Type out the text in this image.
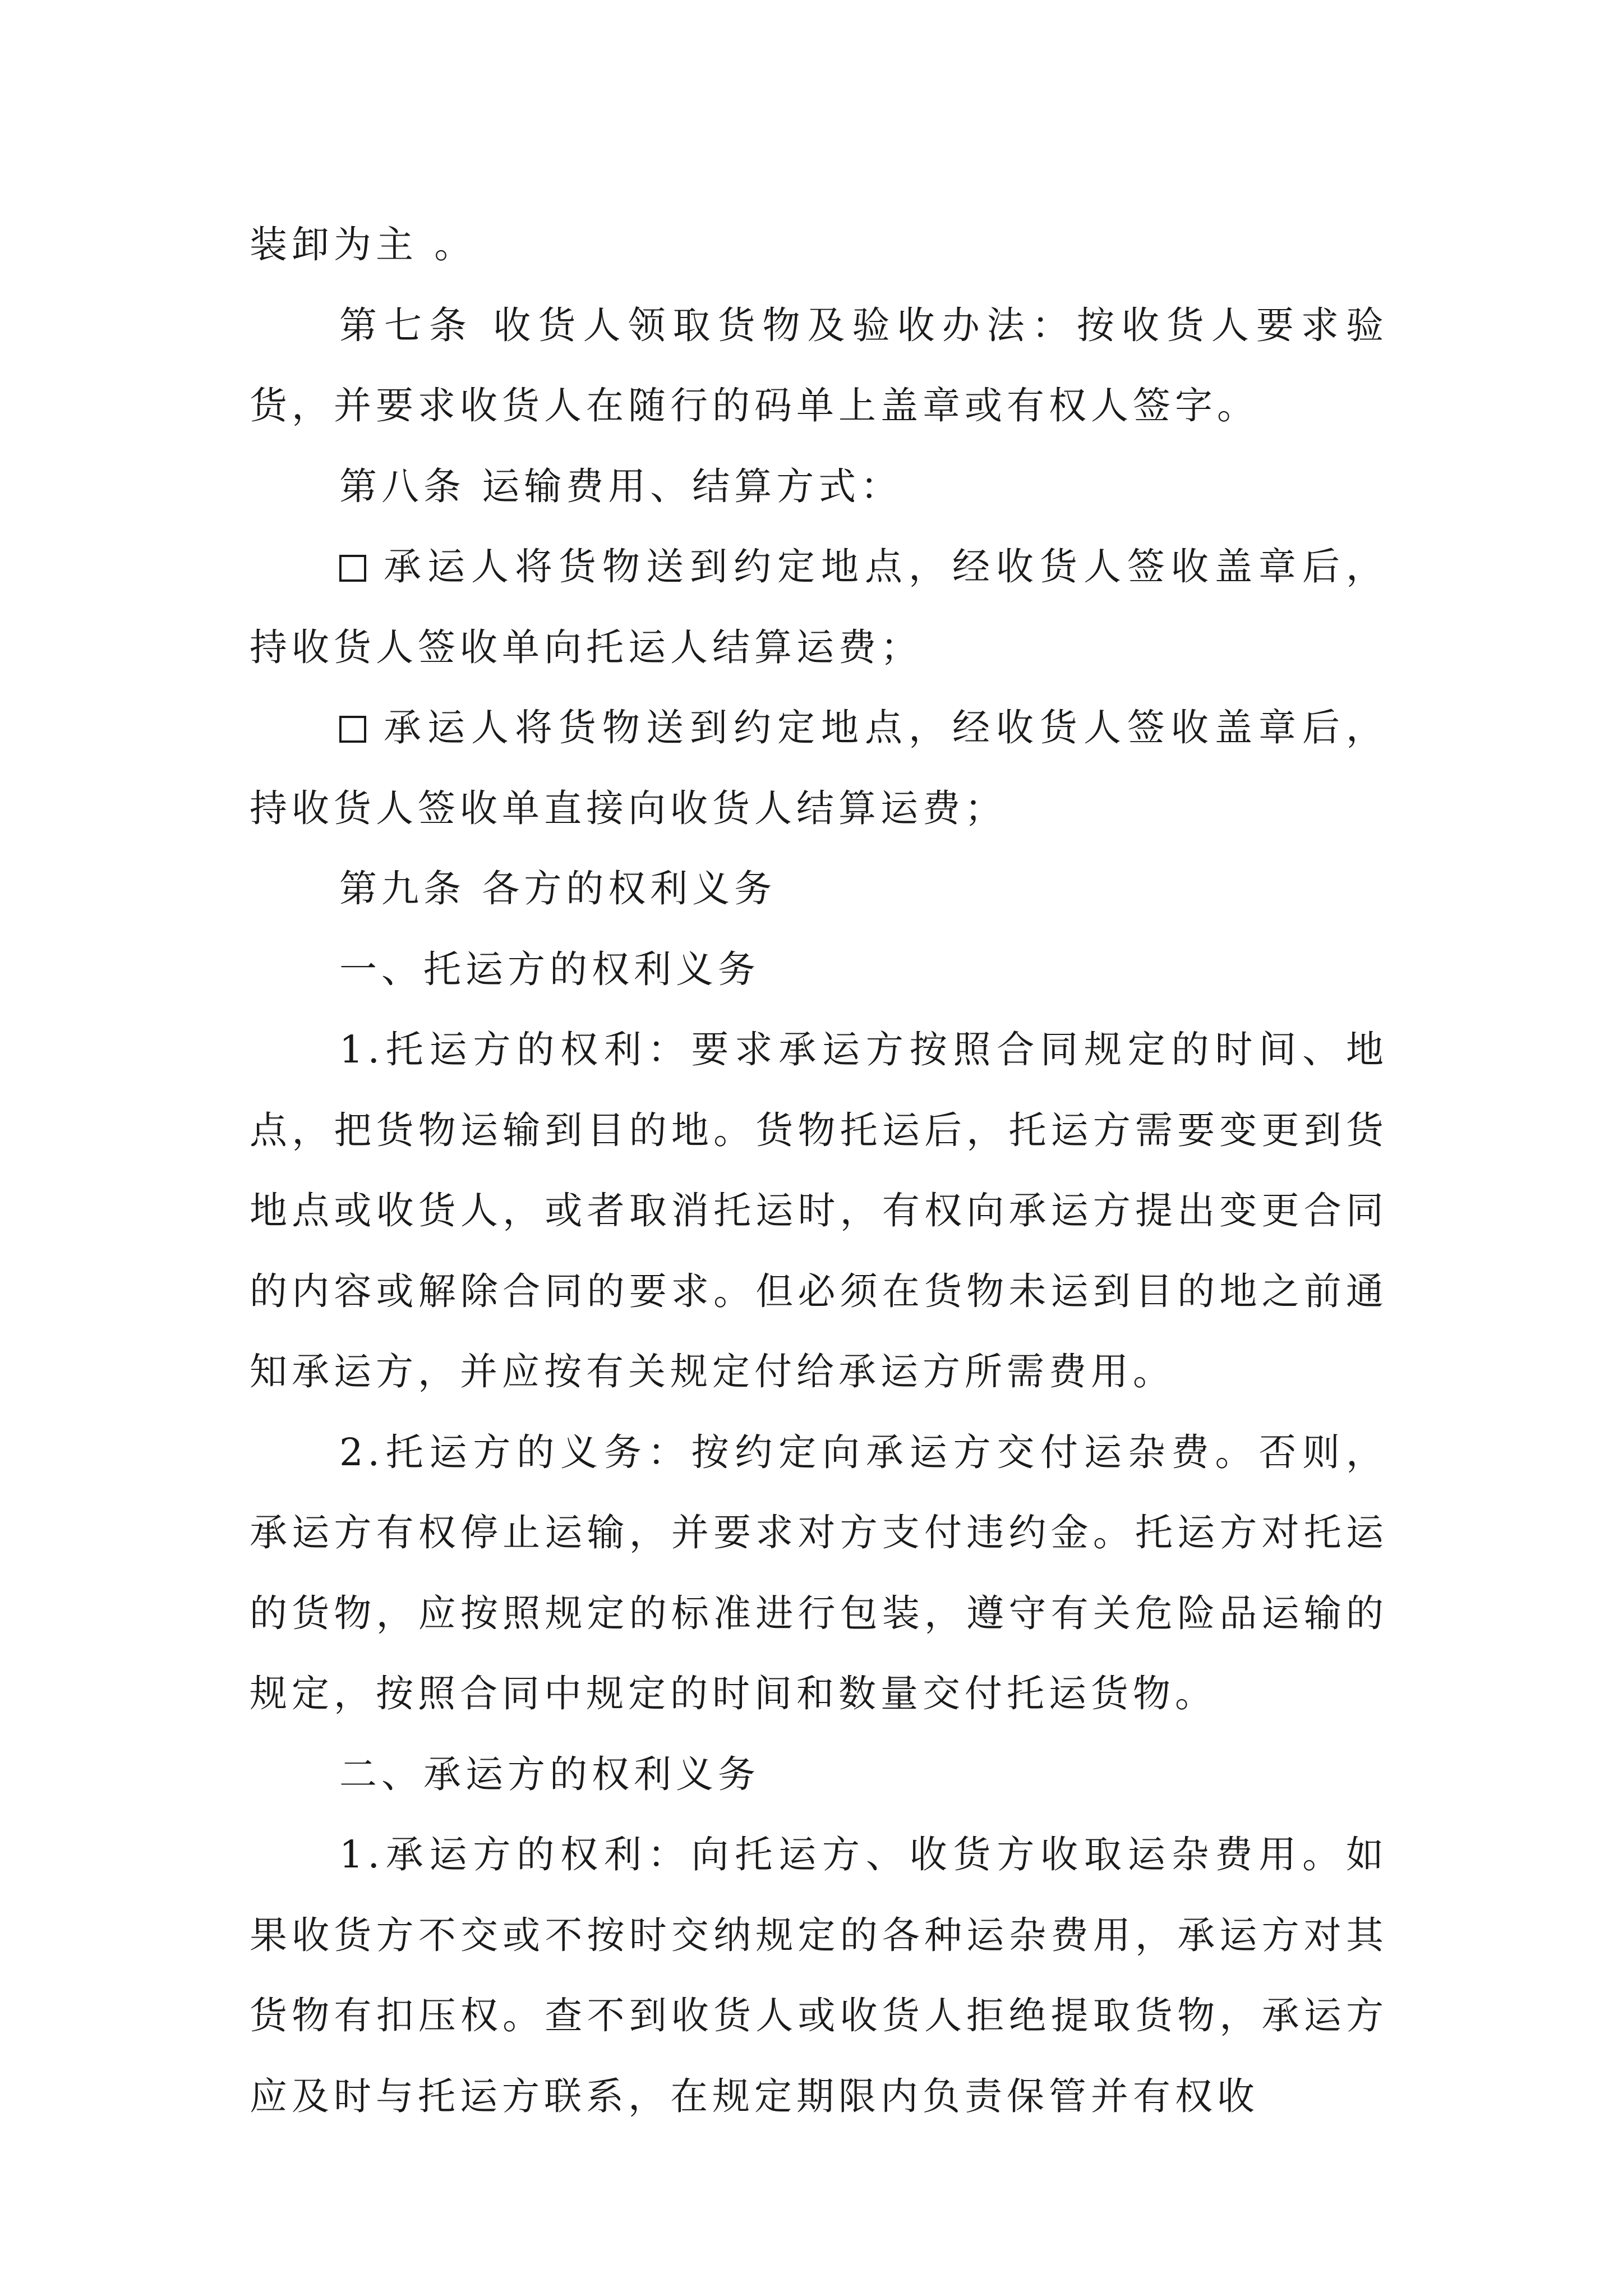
装卸为主 。

第七条 收货人领取货物及验收办法：按收货人要求验货，并要求收货人在随行的码单上盖章或有权人签字。

第八条 运输费用、结算方式：

承运人将货物送到约定地点，经收货人签收盖章后，持收货人签收单向托运人结算运费；

承运人将货物送到约定地点，经收货人签收盖章后，持收货人签收单直接向收货人结算运费；

第九条 各方的权利义务

一、托运方的权利义务

1.托运方的权利：要求承运方按照合同规定的时间、地点，把货物运输到目的地。货物托运后，托运方需要变更到货地点或收货人，或者取消托运时，有权向承运方提出变更合同的内容或解除合同的要求。但必须在货物未运到目的地之前通知承运方，并应按有关规定付给承运方所需费用。

2.托运方的义务：按约定向承运方交付运杂费。否则，承运方有权停止运输，并要求对方支付违约金。托运方对托运的货物，应按照规定的标准进行包装，遵守有关危险品运输的规定，按照合同中规定的时间和数量交付托运货物。

二、承运方的权利义务

1.承运方的权利：向托运方、收货方收取运杂费用。如果收货方不交或不按时交纳规定的各种运杂费用，承运方对其货物有扣压权。查不到收货人或收货人拒绝提取货物，承运方应及时与托运方联系，在规定期限内负责保管并有权收
